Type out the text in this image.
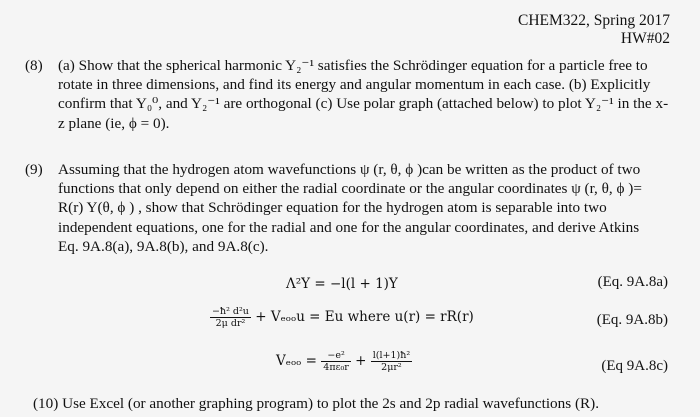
CHEM322, Spring 2017
HW#02
(8) (a) Show that the spherical harmonic Y₂⁻¹ satisfies the Schrödinger equation for a particle free to
rotate in three dimensions, and find its energy and angular momentum in each case. (b) Explicitly
confirm that Y₀⁰, and Y₂⁻¹ are orthogonal (c) Use polar graph (attached below) to plot Y₂⁻¹ in the x-
z plane (ie, ϕ = 0).
(9) Assuming that the hydrogen atom wavefunctions ψ (r, θ, ϕ )can be written as the product of two
functions that only depend on either the radial coordinate or the angular coordinates ψ (r, θ, ϕ )=
R(r) Y(θ, ϕ ) , show that Schrödinger equation for the hydrogen atom is separable into two
independent equations, one for the radial and one for the angular coordinates, and derive Atkins
Eq. 9A.8(a), 9A.8(b), and 9A.8(c).
Λ²Y = −l(l + 1)Y	(Eq. 9A.8a)
$\frac{\text{−ħ² d²u}}{\text{2μ dr²}} + V_{eoo}u = Eu$ where u(r) = rR(r)	(Eq. 9A.8b)
$V_{eoo} = \frac{\text{−e²}}{\text{4πε₀r}} + \frac{\text{l(l+1)ħ²}}{\text{2μr²}}$	(Eq 9A.8c)
(10) Use Excel (or another graphing program) to plot the 2s and 2p radial wavefunctions (R).
